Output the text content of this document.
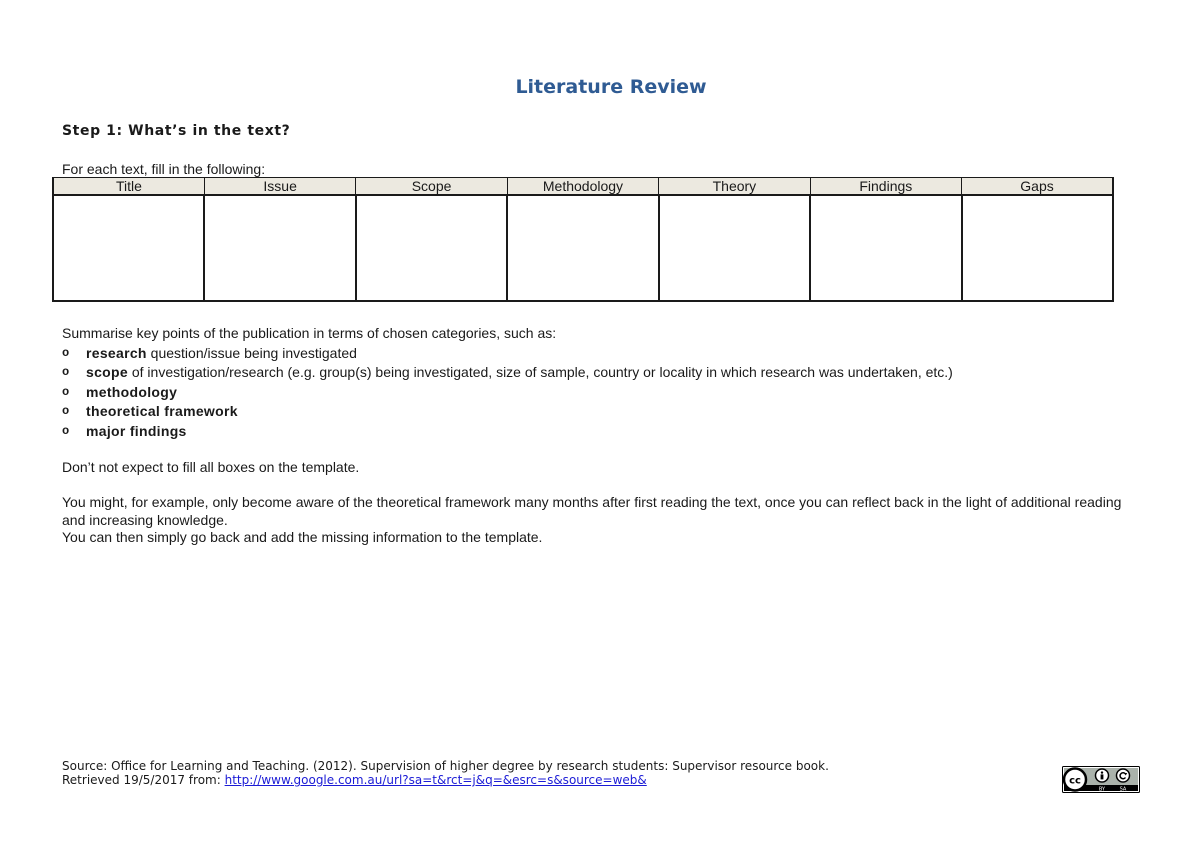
Literature Review
Step 1: What’s in the text?
For each text, fill in the following:
Title	Issue	Scope	Methodology	Theory	Findings	Gaps

Summarise key points of the publication in terms of chosen categories, such as:
o research question/issue being investigated
o scope of investigation/research (e.g. group(s) being investigated, size of sample, country or locality in which research was undertaken, etc.)
o methodology
o theoretical framework
o major findings
Don’t not expect to fill all boxes on the template.
You might, for example, only become aware of the theoretical framework many months after first reading the text, once you can reflect back in the light of additional reading and increasing knowledge.
You can then simply go back and add the missing information to the template.
Source: Office for Learning and Teaching. (2012). Supervision of higher degree by research students: Supervisor resource book.
Retrieved 19/5/2017 from: http://www.google.com.au/url?sa=t&rct=j&q=&esrc=s&source=web&	cc
BY	SA
